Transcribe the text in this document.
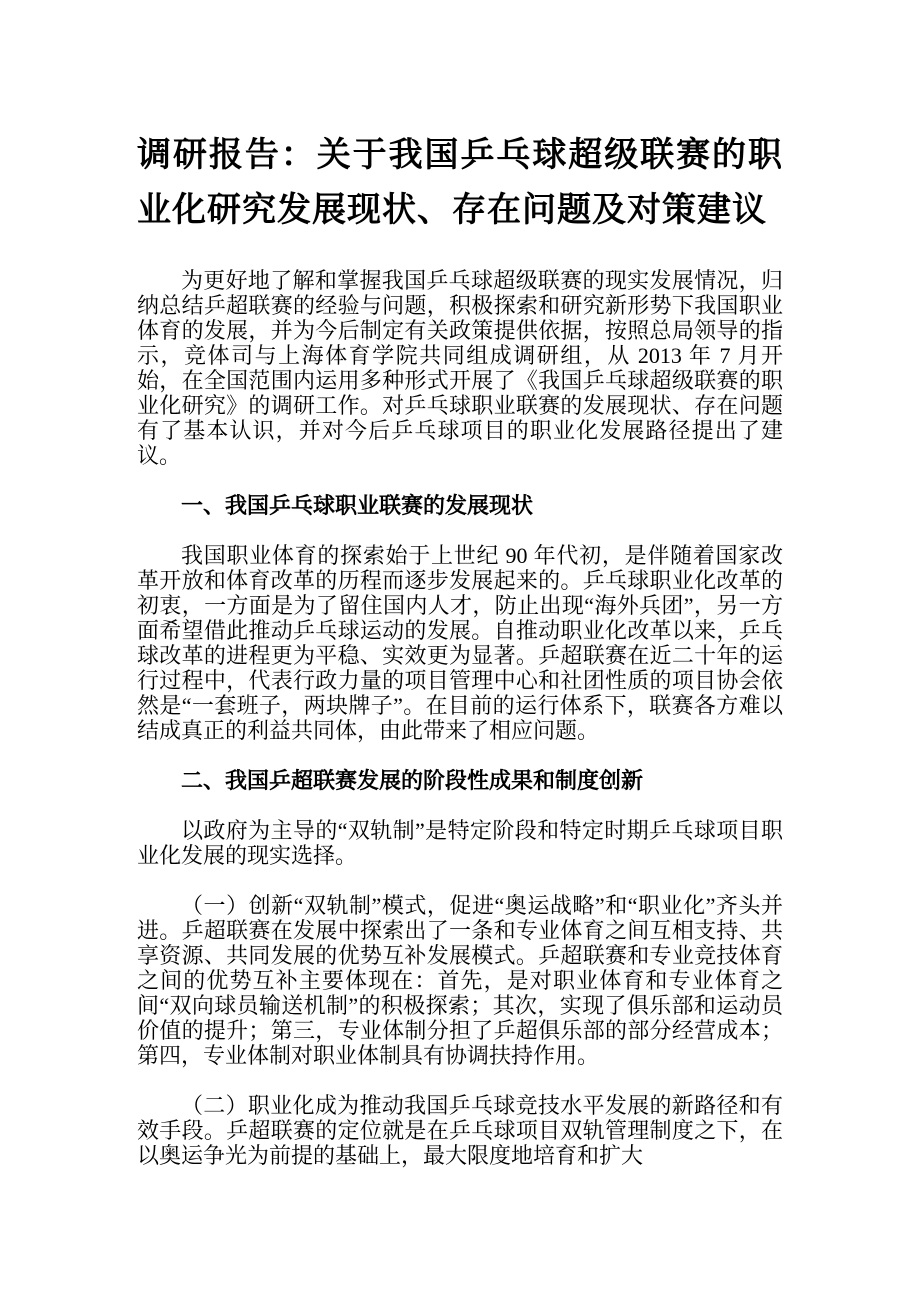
调研报告：关于我国乒乓球超级联赛的职业化研究发展现状、存在问题及对策建议

为更好地了解和掌握我国乒乓球超级联赛的现实发展情况，归纳总结乒超联赛的经验与问题，积极探索和研究新形势下我国职业体育的发展，并为今后制定有关政策提供依据，按照总局领导的指示，竞体司与上海体育学院共同组成调研组，从 2013 年 7 月开始，在全国范围内运用多种形式开展了《我国乒乓球超级联赛的职业化研究》的调研工作。对乒乓球职业联赛的发展现状、存在问题有了基本认识，并对今后乒乓球项目的职业化发展路径提出了建议。

一、我国乒乓球职业联赛的发展现状

我国职业体育的探索始于上世纪 90 年代初，是伴随着国家改革开放和体育改革的历程而逐步发展起来的。乒乓球职业化改革的初衷，一方面是为了留住国内人才，防止出现“海外兵团”，另一方面希望借此推动乒乓球运动的发展。自推动职业化改革以来，乒乓球改革的进程更为平稳、实效更为显著。乒超联赛在近二十年的运行过程中，代表行政力量的项目管理中心和社团性质的项目协会依然是“一套班子，两块牌子”。在目前的运行体系下，联赛各方难以结成真正的利益共同体，由此带来了相应问题。

二、我国乒超联赛发展的阶段性成果和制度创新

以政府为主导的“双轨制”是特定阶段和特定时期乒乓球项目职业化发展的现实选择。

（一）创新“双轨制”模式，促进“奥运战略”和“职业化”齐头并进。乒超联赛在发展中探索出了一条和专业体育之间互相支持、共享资源、共同发展的优势互补发展模式。乒超联赛和专业竞技体育之间的优势互补主要体现在：首先，是对职业体育和专业体育之间“双向球员输送机制”的积极探索；其次，实现了俱乐部和运动员价值的提升；第三，专业体制分担了乒超俱乐部的部分经营成本；第四，专业体制对职业体制具有协调扶持作用。

（二）职业化成为推动我国乒乓球竞技水平发展的新路径和有效手段。乒超联赛的定位就是在乒乓球项目双轨管理制度之下，在以奥运争光为前提的基础上，最大限度地培育和扩大
